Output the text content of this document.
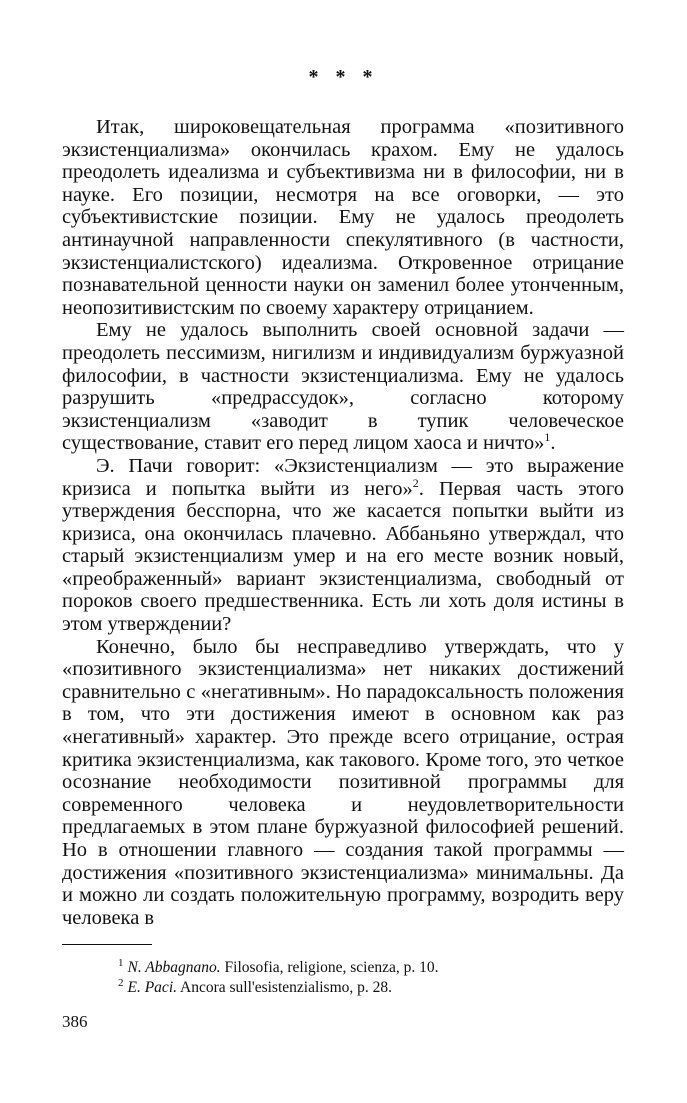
* * *

Итак, широковещательная программа «позитивного экзистенциализма» окончилась крахом. Ему не удалось преодолеть идеализма и субъективизма ни в философии, ни в науке. Его позиции, несмотря на все оговорки, — это субъективистские позиции. Ему не удалось преодолеть антинаучной направленности спекулятивного (в частности, экзистенциалистского) идеализма. Откровенное отрицание познавательной ценности науки он заменил более утонченным, неопозитивистским по своему характеру отрицанием.

Ему не удалось выполнить своей основной задачи — преодолеть пессимизм, нигилизм и индивидуализм буржуазной философии, в частности экзистенциализма. Ему не удалось разрушить «предрассудок», согласно которому экзистенциализм «заводит в тупик человеческое существование, ставит его перед лицом хаоса и ничто»$^1$.

Э. Пачи говорит: «Экзистенциализм — это выражение кризиса и попытка выйти из него»$^2$. Первая часть этого утверждения бесспорна, что же касается попытки выйти из кризиса, она окончилась плачевно. Аббаньяно утверждал, что старый экзистенциализм умер и на его месте возник новый, «преображенный» вариант экзистенциализма, свободный от пороков своего предшественника. Есть ли хоть доля истины в этом утверждении?

Конечно, было бы несправедливо утверждать, что у «позитивного экзистенциализма» нет никаких достижений сравнительно с «негативным». Но парадоксальность положения в том, что эти достижения имеют в основном как раз «негативный» характер. Это прежде всего отрицание, острая критика экзистенциализма, как такового. Кроме того, это четкое осознание необходимости позитивной программы для современного человека и неудовлетворительности предлагаемых в этом плане буржуазной философией решений. Но в отношении главного — создания такой программы — достижения «позитивного экзистенциализма» минимальны. Да и можно ли создать положительную программу, возродить веру человека в

$^1$ N. Abbagnano. Filosofia, religione, scienza, p. 10.
$^2$ E. Paci. Ancora sull'esistenzialismo, p. 28.
386
